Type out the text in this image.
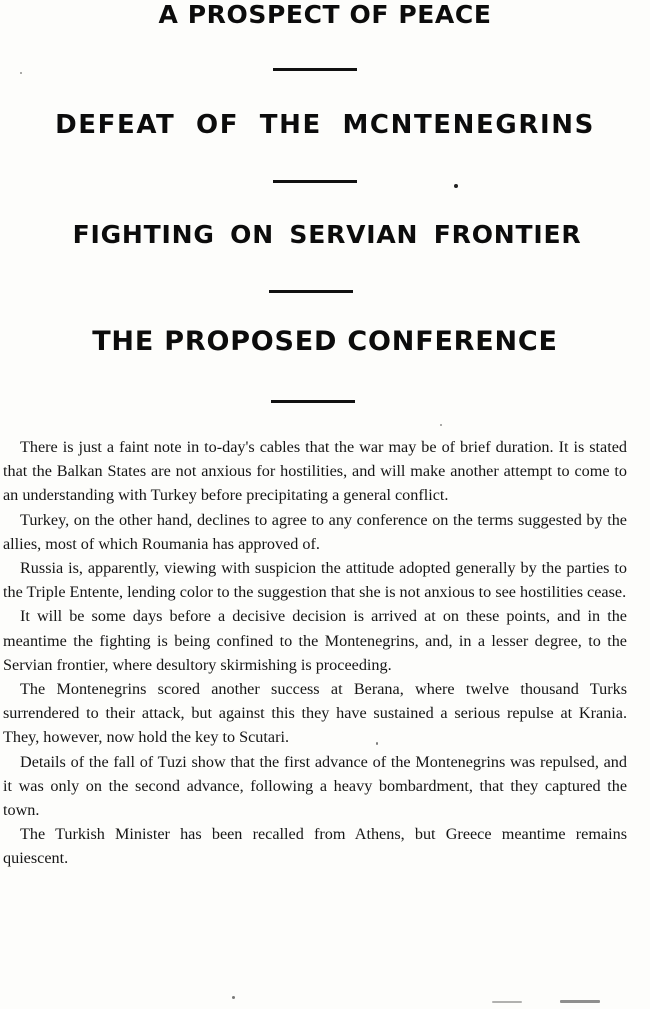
A PROSPECT OF PEACE
DEFEAT OF THE MCNTENEGRINS
FIGHTING ON SERVIAN FRONTIER
THE PROPOSED CONFERENCE

There is just a faint note in to-day's cables that the war may be of brief duration. It is stated that the Balkan States are not anxious for hostilities, and will make another attempt to come to an understanding with Turkey before precipitating a general conflict.

Turkey, on the other hand, declines to agree to any conference on the terms suggested by the allies, most of which Roumania has approved of.

Russia is, apparently, viewing with suspicion the attitude adopted generally by the parties to the Triple Entente, lending color to the suggestion that she is not anxious to see hostilities cease.

It will be some days before a decisive decision is arrived at on these points, and in the meantime the fighting is being confined to the Montenegrins, and, in a lesser degree, to the Servian frontier, where desultory skirmishing is proceeding.

The Montenegrins scored another success at Berana, where twelve thousand Turks surrendered to their attack, but against this they have sustained a serious repulse at Krania. They, however, now hold the key to Scutari.

Details of the fall of Tuzi show that the first advance of the Montenegrins was repulsed, and it was only on the second advance, following a heavy bombardment, that they captured the town.

The Turkish Minister has been recalled from Athens, but Greece meantime remains quiescent.
